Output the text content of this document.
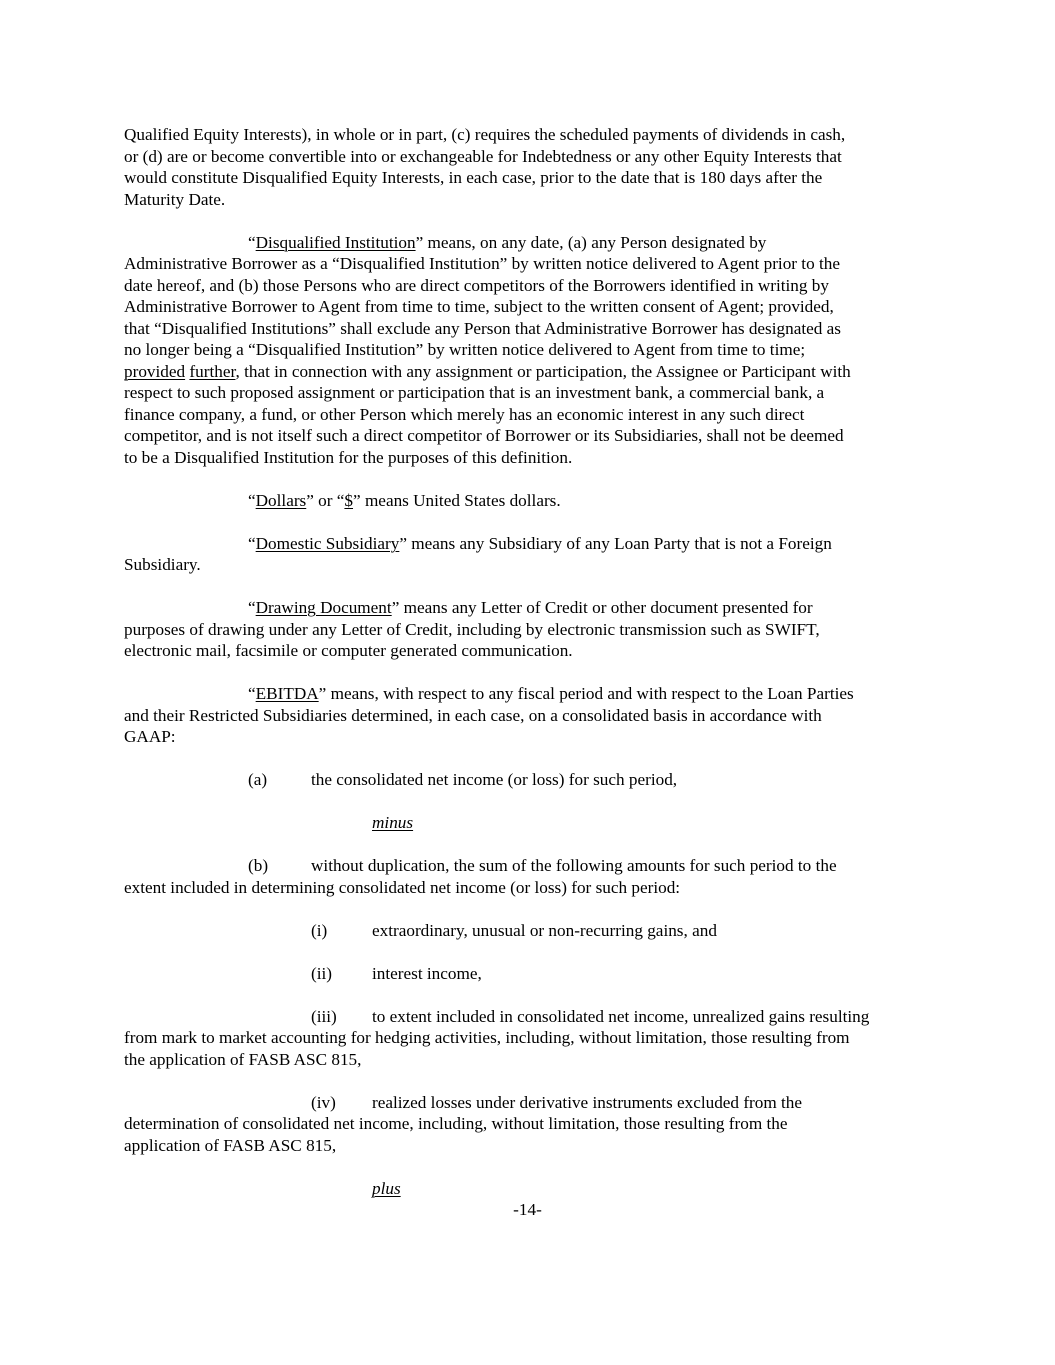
Qualified Equity Interests), in whole or in part, (c) requires the scheduled payments of dividends in cash,
or (d) are or become convertible into or exchangeable for Indebtedness or any other Equity Interests that
would constitute Disqualified Equity Interests, in each case, prior to the date that is 180 days after the
Maturity Date.
“Disqualified Institution” means, on any date, (a) any Person designated by
Administrative Borrower as a “Disqualified Institution” by written notice delivered to Agent prior to the
date hereof, and (b) those Persons who are direct competitors of the Borrowers identified in writing by
Administrative Borrower to Agent from time to time, subject to the written consent of Agent; provided,
that “Disqualified Institutions” shall exclude any Person that Administrative Borrower has designated as
no longer being a “Disqualified Institution” by written notice delivered to Agent from time to time;
provided further, that in connection with any assignment or participation, the Assignee or Participant with
respect to such proposed assignment or participation that is an investment bank, a commercial bank, a
finance company, a fund, or other Person which merely has an economic interest in any such direct
competitor, and is not itself such a direct competitor of Borrower or its Subsidiaries, shall not be deemed
to be a Disqualified Institution for the purposes of this definition.
“Dollars” or “$” means United States dollars.
“Domestic Subsidiary” means any Subsidiary of any Loan Party that is not a Foreign
Subsidiary.
“Drawing Document” means any Letter of Credit or other document presented for
purposes of drawing under any Letter of Credit, including by electronic transmission such as SWIFT,
electronic mail, facsimile or computer generated communication.
“EBITDA” means, with respect to any fiscal period and with respect to the Loan Parties
and their Restricted Subsidiaries determined, in each case, on a consolidated basis in accordance with
GAAP:
(a)	the consolidated net income (or loss) for such period,
minus
(b) without duplication, the sum of the following amounts for such period to the
extent included in determining consolidated net income (or loss) for such period:
(i)	extraordinary, unusual or non-recurring gains, and
(ii) interest income,
(iii) to extent included in consolidated net income, unrealized gains resulting
from mark to market accounting for hedging activities, including, without limitation, those resulting from
the application of FASB ASC 815,
(iv) realized losses under derivative instruments excluded from the
determination of consolidated net income, including, without limitation, those resulting from the
application of FASB ASC 815,
plus
-14-
